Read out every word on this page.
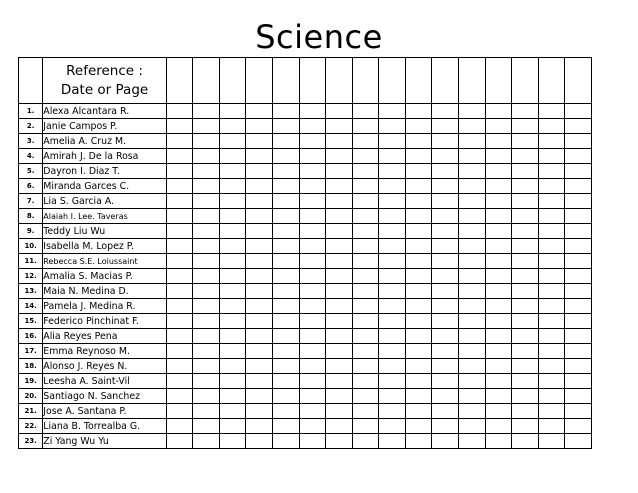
Science

	Reference :
Date or Page																

1.	Alexa Alcantara R.																
2.	Janie Campos P.																
3.	Amelia A. Cruz M.																
4.	Amirah J. De la Rosa																
5.	Dayron I. Diaz T.																
6.	Miranda Garces C.																
7.	Lia S. Garcia A.																
8.	Alaiah I. Lee. Taveras																
9.	Teddy Liu Wu																
10.	Isabella M. Lopez P.																
11.	Rebecca S.E. Loiussaint																
12.	Amalia S. Macias P.																
13.	Maia N. Medina D.																
14.	Pamela J. Medina R.																
15.	Federico Pinchinat F.																
16.	Alia Reyes Pena																
17.	Emma Reynoso M.																
18.	Alonso J. Reyes N.																
19.	Leesha A. Saint-Vil																
20.	Santiago N. Sanchez																
21.	Jose A. Santana P.																
22.	Liana B. Torrealba G.																
23.	Zi Yang Wu Yu																
